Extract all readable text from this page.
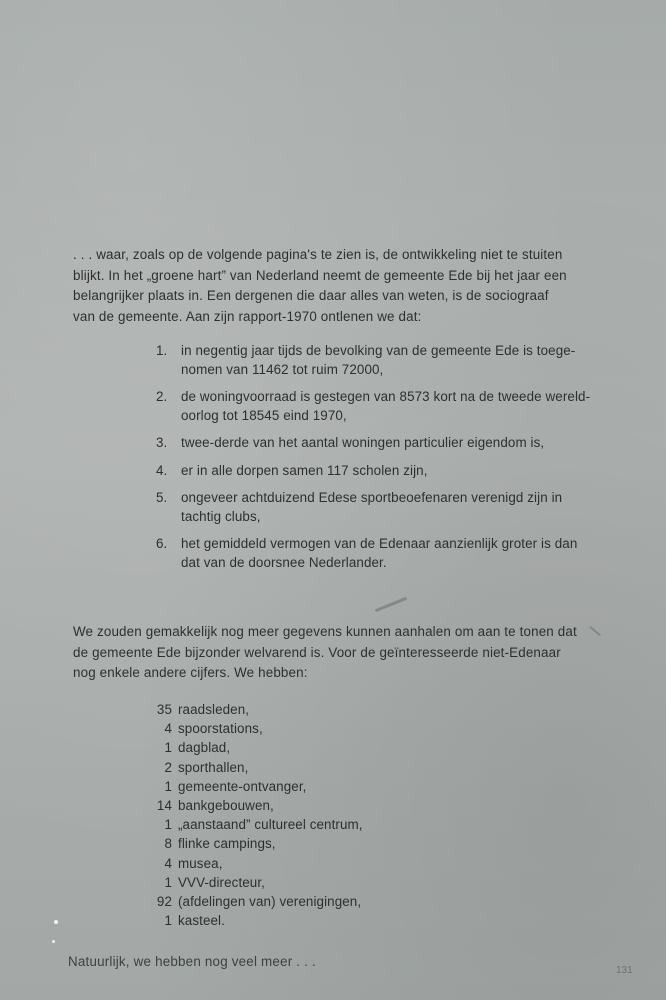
. . . waar, zoals op de volgende pagina's te zien is, de ontwikkeling niet te stuiten
blijkt. In het „groene hart” van Nederland neemt de gemeente Ede bij het jaar een
belangrijker plaats in. Een dergenen die daar alles van weten, is de sociograaf
van de gemeente. Aan zijn rapport-1970 ontlenen we dat:
1. in negentig jaar tijds de bevolking van de gemeente Ede is toege-
nomen van 11462 tot ruim 72000,
2. de woningvoorraad is gestegen van 8573 kort na de tweede wereld-
oorlog tot 18545 eind 1970,
3. twee-derde van het aantal woningen particulier eigendom is,
4. er in alle dorpen samen 117 scholen zijn,
5. ongeveer achtduizend Edese sportbeoefenaren verenigd zijn in
tachtig clubs,
6. het gemiddeld vermogen van de Edenaar aanzienlijk groter is dan
dat van de doorsnee Nederlander.
We zouden gemakkelijk nog meer gegevens kunnen aanhalen om aan te tonen dat
de gemeente Ede bijzonder welvarend is. Voor de geïnteresseerde niet-Edenaar
nog enkele andere cijfers. We hebben:
35 raadsleden,
4 spoorstations,
1 dagblad,
2 sporthallen,
1 gemeente-ontvanger,
14 bankgebouwen,
1 „aanstaand” cultureel centrum,
8 flinke campings,
4 musea,
1 VVV-directeur,
92 (afdelingen van) verenigingen,
1 kasteel.
Natuurlijk, we hebben nog veel meer . . .
131
